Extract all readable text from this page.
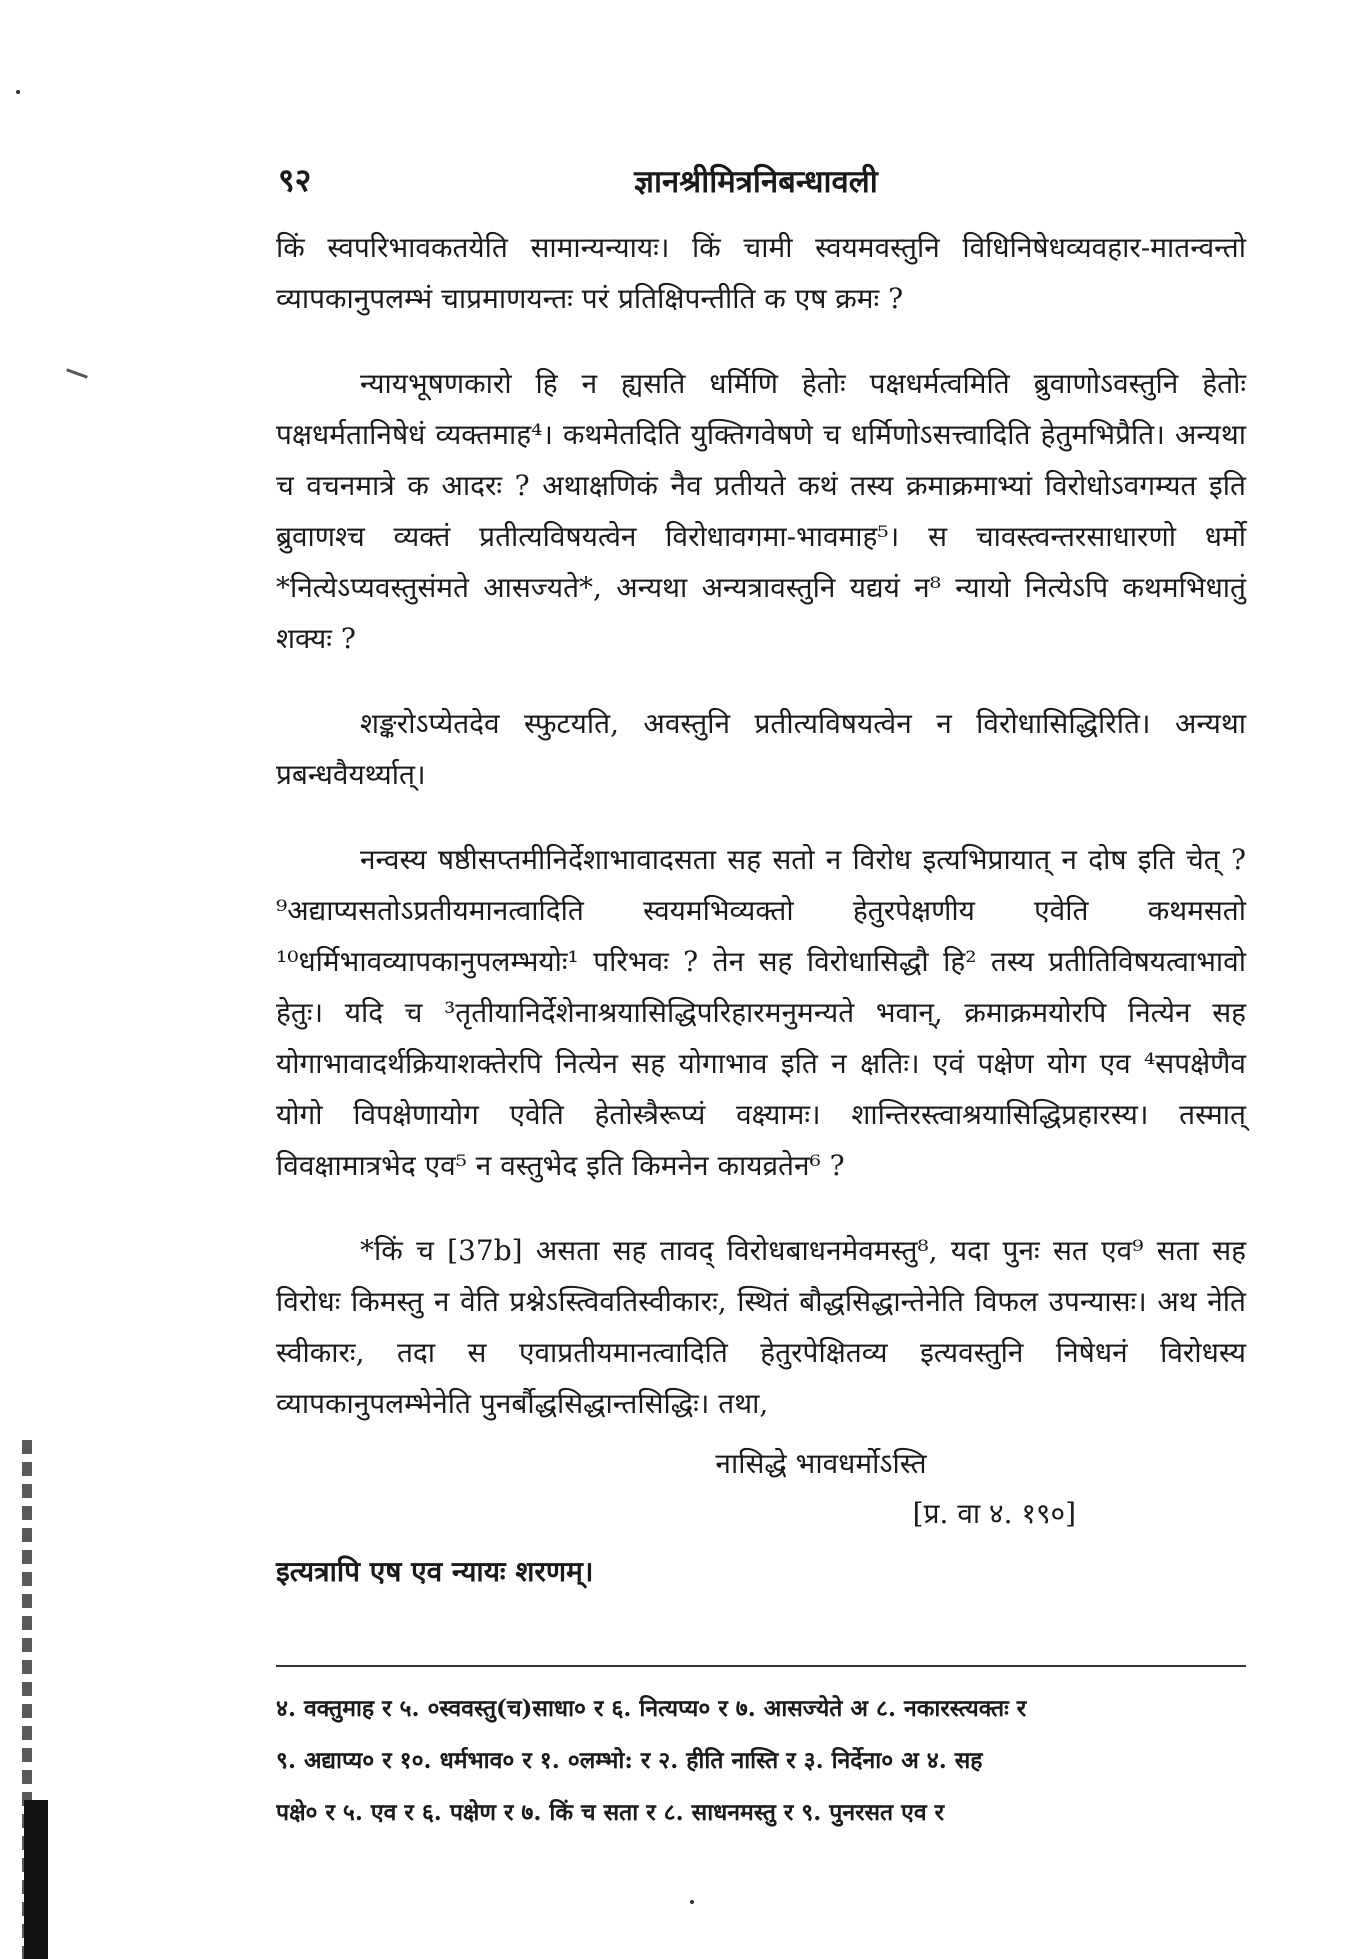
९२	ज्ञानश्रीमित्रनिबन्धावली

किं स्वपरिभावकतयेति सामान्यन्यायः। किं चामी स्वयमवस्तुनि विधिनिषेधव्यवहार-मातन्वन्तो व्यापकानुपलम्भं चाप्रमाणयन्तः परं प्रतिक्षिपन्तीति क एष क्रमः ?

न्यायभूषणकारो हि न ह्यसति धर्मिणि हेतोः पक्षधर्मत्वमिति ब्रुवाणोऽवस्तुनि हेतोः पक्षधर्मतानिषेधं व्यक्तमाह⁴। कथमेतदिति युक्तिगवेषणे च धर्मिणोऽसत्त्वादिति हेतुमभिप्रैति। अन्यथा च वचनमात्रे क आदरः ? अथाक्षणिकं नैव प्रतीयते कथं तस्य क्रमाक्रमाभ्यां विरोधोऽवगम्यत इति ब्रुवाणश्च व्यक्तं प्रतीत्यविषयत्वेन विरोधावगमा-भावमाह⁵। स चावस्त्वन्तरसाधारणो धर्मो *नित्येऽप्यवस्तुसंमते आसज्यते*, अन्यथा अन्यत्रावस्तुनि यद्ययं न⁸ न्यायो नित्येऽपि कथमभिधातुं शक्यः ?

शङ्करोऽप्येतदेव स्फुटयति, अवस्तुनि प्रतीत्यविषयत्वेन न विरोधासिद्धिरिति। अन्यथा प्रबन्धवैयर्थ्यात्।

नन्वस्य षष्ठीसप्तमीनिर्देशाभावादसता सह सतो न विरोध इत्यभिप्रायात् न दोष इति चेत् ? ⁹अद्याप्यसतोऽप्रतीयमानत्वादिति स्वयमभिव्यक्तो हेतुरपेक्षणीय एवेति कथमसतो ¹⁰धर्मिभावव्यापकानुपलम्भयोः¹ परिभवः ? तेन सह विरोधासिद्धौ हि² तस्य प्रतीतिविषयत्वाभावो हेतुः। यदि च ³तृतीयानिर्देशेनाश्रयासिद्धिपरिहारमनुमन्यते भवान्, क्रमाक्रमयोरपि नित्येन सह योगाभावादर्थक्रियाशक्तेरपि नित्येन सह योगाभाव इति न क्षतिः। एवं पक्षेण योग एव ⁴सपक्षेणैव योगो विपक्षेणायोग एवेति हेतोस्त्रैरूप्यं वक्ष्यामः। शान्तिरस्त्वाश्रयासिद्धिप्रहारस्य। तस्मात् विवक्षामात्रभेद एव⁵ न वस्तुभेद इति किमनेन कायव्रतेन⁶ ?

*किं च [37b] असता सह तावद् विरोधबाधनमेवमस्तु⁸, यदा पुनः सत एव⁹ सता सह विरोधः किमस्तु न वेति प्रश्नेऽस्त्विवतिस्वीकारः, स्थितं बौद्धसिद्धान्तेनेति विफल उपन्यासः। अथ नेति स्वीकारः, तदा स एवाप्रतीयमानत्वादिति हेतुरपेक्षितव्य इत्यवस्तुनि निषेधनं विरोधस्य व्यापकानुपलम्भेनेति पुनर्बौद्धसिद्धान्तसिद्धिः। तथा,

नासिद्धे भावधर्मोऽस्ति

[प्र. वा ४. १९०]

इत्यत्रापि एष एव न्यायः शरणम्।

४. वक्तुमाह र ५. ०स्ववस्तु(च)साधा० र ६. नित्यप्य० र ७. आसज्येते अ ८. नकारस्त्यक्तः र

९. अद्याप्य० र १०. धर्मभाव० र १. ०लम्भो: र २. हीति नास्ति र ३. निर्देना० अ ४. सह

पक्षे० र ५. एव र ६. पक्षेण र ७. किं च सता र ८. साधनमस्तु र ९. पुनरसत एव र
